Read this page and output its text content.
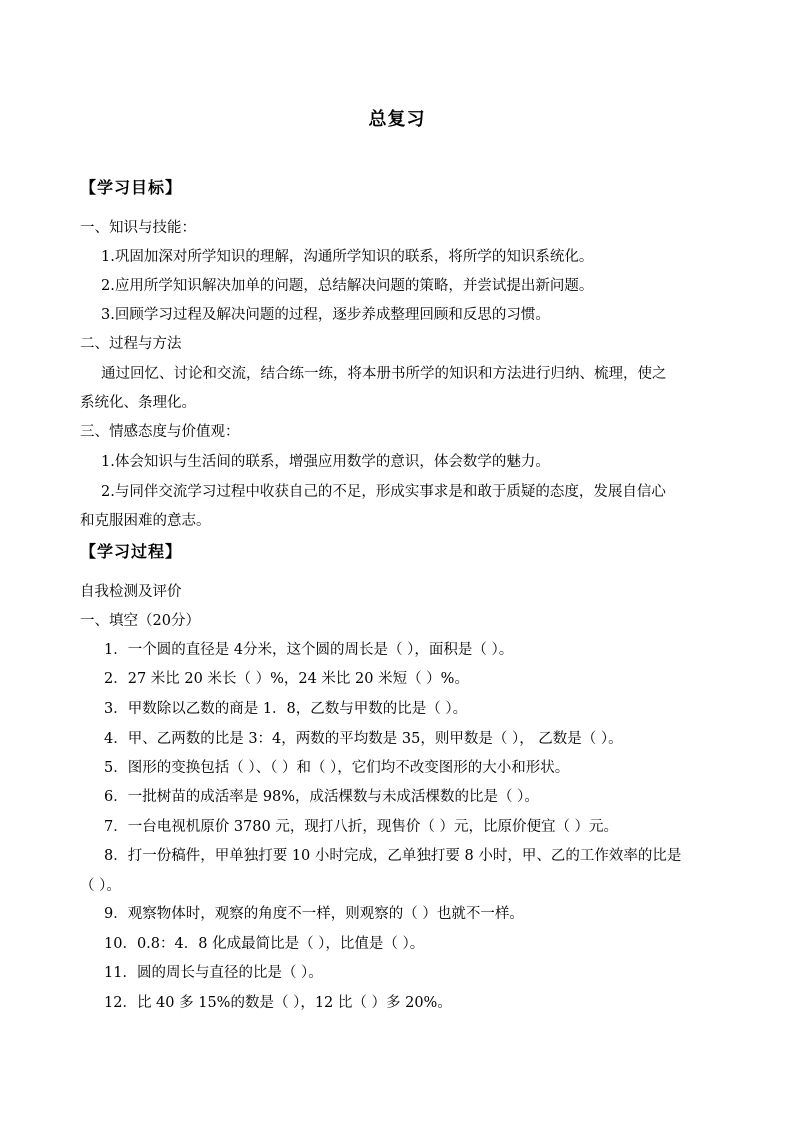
总复习
【学习目标】
一、知识与技能：
1.巩固加深对所学知识的理解，沟通所学知识的联系，将所学的知识系统化。
2.应用所学知识解决加单的问题，总结解决问题的策略，并尝试提出新问题。
3.回顾学习过程及解决问题的过程，逐步养成整理回顾和反思的习惯。
二、过程与方法
通过回忆、讨论和交流，结合练一练，将本册书所学的知识和方法进行归纳、梳理，使之
系统化、条理化。
三、情感态度与价值观：
1.体会知识与生活间的联系，增强应用数学的意识，体会数学的魅力。
2.与同伴交流学习过程中收获自己的不足，形成实事求是和敢于质疑的态度，发展自信心
和克服困难的意志。
【学习过程】
自我检测及评价
一、填空（20分）
1．一个圆的直径是 4分米，这个圆的周长是（ ），面积是（ ）。
2．27 米比 20 米长（ ）%，24 米比 20 米短（ ）%。
3．甲数除以乙数的商是 1．8，乙数与甲数的比是（ ）。
4．甲、乙两数的比是 3：4，两数的平均数是 35，则甲数是（ ）， 乙数是（ ）。
5．图形的变换包括（ ）、（ ）和（ ），它们均不改变图形的大小和形状。
6．一批树苗的成活率是 98%，成活棵数与未成活棵数的比是（ ）。
7．一台电视机原价 3780 元，现打八折，现售价（ ）元，比原价便宜（ ）元。
8．打一份稿件，甲单独打要 10 小时完成，乙单独打要 8 小时，甲、乙的工作效率的比是
（ ）。
9．观察物体时，观察的角度不一样，则观察的（ ）也就不一样。
10．0.8：4．8 化成最简比是（ ），比值是（ ）。
11．圆的周长与直径的比是（ ）。
12．比 40 多 15%的数是（ ），12 比（ ）多 20%。
